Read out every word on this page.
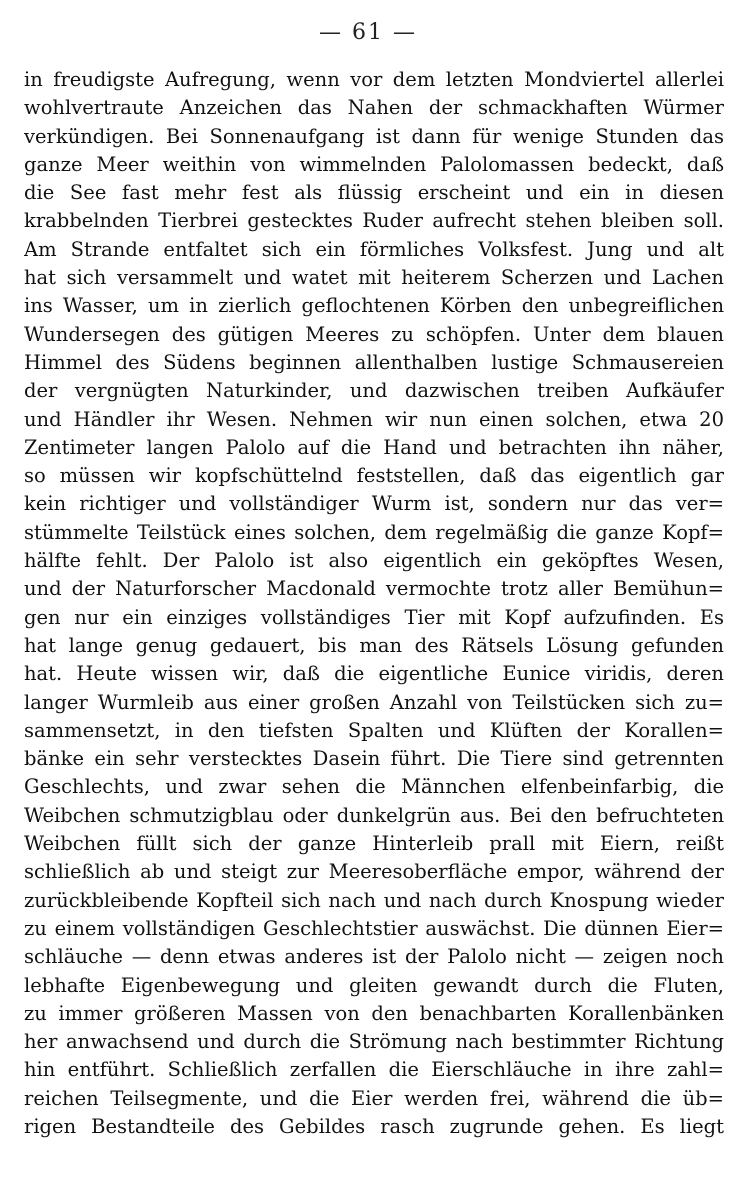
— 61 —
in freudigste Aufregung, wenn vor dem letzten Mondviertel allerlei
wohlvertraute Anzeichen das Nahen der schmackhaften Würmer
verkündigen. Bei Sonnenaufgang ist dann für wenige Stunden das
ganze Meer weithin von wimmelnden Palolomassen bedeckt, daß
die See fast mehr fest als flüssig erscheint und ein in diesen
krabbelnden Tierbrei gestecktes Ruder aufrecht stehen bleiben soll.
Am Strande entfaltet sich ein förmliches Volksfest. Jung und alt
hat sich versammelt und watet mit heiterem Scherzen und Lachen
ins Wasser, um in zierlich geflochtenen Körben den unbegreiflichen
Wundersegen des gütigen Meeres zu schöpfen. Unter dem blauen
Himmel des Südens beginnen allenthalben lustige Schmausereien
der vergnügten Naturkinder, und dazwischen treiben Aufkäufer
und Händler ihr Wesen. Nehmen wir nun einen solchen, etwa 20
Zentimeter langen Palolo auf die Hand und betrachten ihn näher,
so müssen wir kopfschüttelnd feststellen, daß das eigentlich gar
kein richtiger und vollständiger Wurm ist, sondern nur das ver=
stümmelte Teilstück eines solchen, dem regelmäßig die ganze Kopf=
hälfte fehlt. Der Palolo ist also eigentlich ein geköpftes Wesen,
und der Naturforscher Macdonald vermochte trotz aller Bemühun=
gen nur ein einziges vollständiges Tier mit Kopf aufzufinden. Es
hat lange genug gedauert, bis man des Rätsels Lösung gefunden
hat. Heute wissen wir, daß die eigentliche Eunice viridis, deren
langer Wurmleib aus einer großen Anzahl von Teilstücken sich zu=
sammensetzt, in den tiefsten Spalten und Klüften der Korallen=
bänke ein sehr verstecktes Dasein führt. Die Tiere sind getrennten
Geschlechts, und zwar sehen die Männchen elfenbeinfarbig, die
Weibchen schmutzigblau oder dunkelgrün aus. Bei den befruchteten
Weibchen füllt sich der ganze Hinterleib prall mit Eiern, reißt
schließlich ab und steigt zur Meeresoberfläche empor, während der
zurückbleibende Kopfteil sich nach und nach durch Knospung wieder
zu einem vollständigen Geschlechtstier auswächst. Die dünnen Eier=
schläuche — denn etwas anderes ist der Palolo nicht — zeigen noch
lebhafte Eigenbewegung und gleiten gewandt durch die Fluten,
zu immer größeren Massen von den benachbarten Korallenbänken
her anwachsend und durch die Strömung nach bestimmter Richtung
hin entführt. Schließlich zerfallen die Eierschläuche in ihre zahl=
reichen Teilsegmente, und die Eier werden frei, während die üb=
rigen Bestandteile des Gebildes rasch zugrunde gehen. Es liegt
